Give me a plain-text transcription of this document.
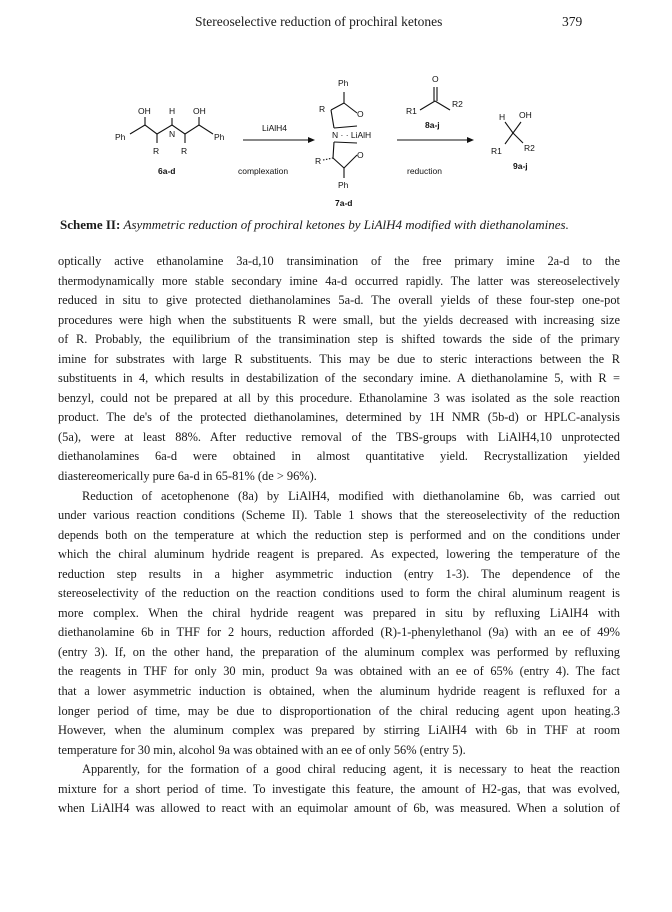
Stereoselective reduction of prochiral ketones	379
OH H OH
N
Ph	Ph
R	R
6a-d
LiAlH4
complexation
Ph
R	O
N · · LiAlH
O
R
Ph
7a-d
O
R1
R2
8a-j
reduction
H OH
R1	R2
9a-j
Scheme II: Asymmetric reduction of prochiral ketones by LiAlH4 modified with diethanolamines.

optically active ethanolamine 3a-d,10 transimination of the free primary imine 2a-d to the
thermodynamically more stable secondary imine 4a-d occurred rapidly. The latter was stereoselectively
reduced in situ to give protected diethanolamines 5a-d. The overall yields of these four-step one-pot
procedures were high when the substituents R were small, but the yields decreased with increasing size
of R. Probably, the equilibrium of the transimination step is shifted towards the side of the primary
imine for substrates with large R substituents. This may be due to steric interactions between the R
substituents in 4, which results in destabilization of the secondary imine. A diethanolamine 5, with R =
benzyl, could not be prepared at all by this procedure. Ethanolamine 3 was isolated as the sole reaction
product. The de's of the protected diethanolamines, determined by 1H NMR (5b-d) or HPLC-analysis
(5a), were at least 88%. After reductive removal of the TBS-groups with LiAlH4,10 unprotected
diethanolamines 6a-d were obtained in almost quantitative yield. Recrystallization yielded
diastereomerically pure 6a-d in 65-81% (de > 96%).

Reduction of acetophenone (8a) by LiAlH4, modified with diethanolamine 6b, was carried out
under various reaction conditions (Scheme II). Table 1 shows that the stereoselectivity of the reduction
depends both on the temperature at which the reduction step is performed and on the conditions under
which the chiral aluminum hydride reagent is prepared. As expected, lowering the temperature of the
reduction step results in a higher asymmetric induction (entry 1-3). The dependence of the
stereoselectivity of the reduction on the reaction conditions used to form the chiral aluminum reagent is
more complex. When the chiral hydride reagent was prepared in situ by refluxing LiAlH4 with
diethanolamine 6b in THF for 2 hours, reduction afforded (R)-1-phenylethanol (9a) with an ee of 49%
(entry 3). If, on the other hand, the preparation of the aluminum complex was performed by refluxing
the reagents in THF for only 30 min, product 9a was obtained with an ee of 65% (entry 4). The fact
that a lower asymmetric induction is obtained, when the aluminum hydride reagent is refluxed for a
longer period of time, may be due to disproportionation of the chiral reducing agent upon heating.3
However, when the aluminum complex was prepared by stirring LiAlH4 with 6b in THF at room
temperature for 30 min, alcohol 9a was obtained with an ee of only 56% (entry 5).

Apparently, for the formation of a good chiral reducing agent, it is necessary to heat the reaction
mixture for a short period of time. To investigate this feature, the amount of H2-gas, that was evolved,
when LiAlH4 was allowed to react with an equimolar amount of 6b, was measured. When a solution of
